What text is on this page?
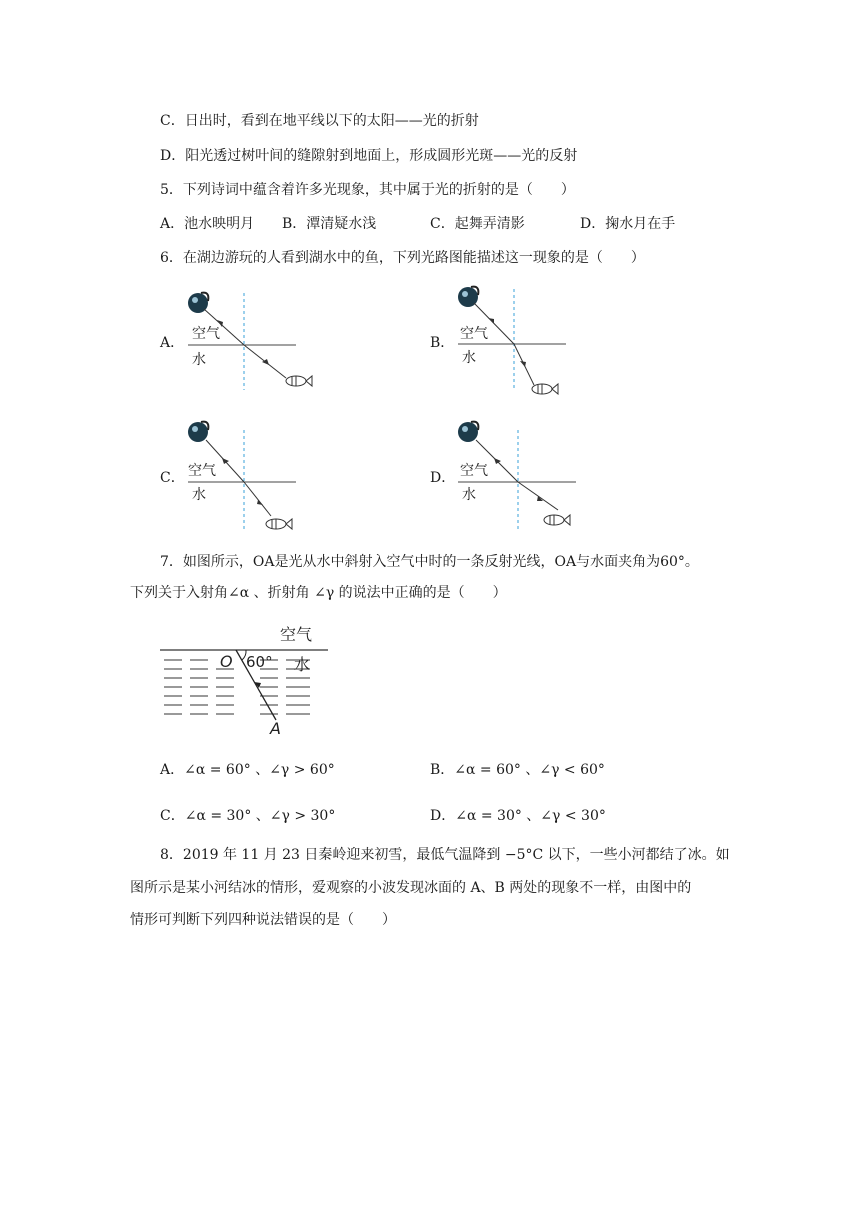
C．日出时，看到在地平线以下的太阳——光的折射
D．阳光透过树叶间的缝隙射到地面上，形成圆形光斑——光的反射
5．下列诗词中蕴含着许多光现象，其中属于光的折射的是（　　）
A．池水映明月 B．潭清疑水浅	C．起舞弄清影	D．掬水月在手
6．在湖边游玩的人看到湖水中的鱼，下列光路图能描述这一现象的是（　　）
A．
空气
水
B．
空气
水
C． 空气
水
D． 空气
水
7．如图所示，OA是光从水中斜射入空气中时的一条反射光线，OA与水面夹角为60°。
下列关于入射角∠α 、折射角 ∠γ 的说法中正确的是（　　）
O 60°
空气
水
A
A．∠α = 60° 、∠γ > 60°	B．∠α = 60° 、∠γ < 60°
C．∠α = 30° 、∠γ > 30°	D．∠α = 30° 、∠γ < 30°
8．2019 年 11 月 23 日秦岭迎来初雪，最低气温降到 −5°C 以下，一些小河都结了冰。如
图所示是某小河结冰的情形，爱观察的小波发现冰面的 A、B 两处的现象不一样，由图中的
情形可判断下列四种说法错误的是（　　）
